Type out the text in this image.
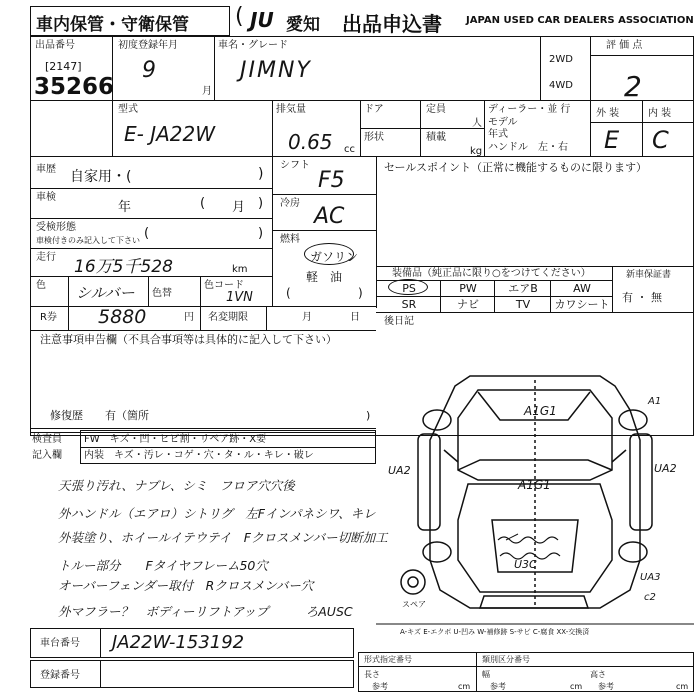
車内保管・守衛保管 ( JU 愛知 出品申込書 JAPAN USED CAR DEALERS ASSOCIATION
出品番号
[2147]
35266
初度登録年月
9
月
車名・グレード
JIMNY	2WD
4WD
評 価 点
2
型式
E- JA22W
排気量
0.65 cc
ドア
形状
定員
人
積載
kg
ディーラー・並 行
モデル
年式
ハンドル　左・右
外 装	内 装
E C
車歴 自家用・(	)
車検
年	( 月 )
受検形態
車検付きのみ記入して下さい (	)
走行 16万5千528	km
色 シルバー 色替
色コード
1VN
シフト
F5
冷房
AC
燃料
ガソリン
軽　油
(	)
R券 5880	円 名変期限	月	日
注意事項申告欄（不具合事項等は具体的に記入して下さい）
修復歴　　有（箇所	)
セールスポイント（正常に機能するものに限ります）
装備品（純正品に限り○をつけてください）	新車保証書
有 ・ 無
後日記
PS	PW	エアB	AW
SR	ナビ	TV	カワシート
検査員
記入欄
FW　キズ・凹・ヒビ割・リペア跡・X要
内装　キズ・汚レ・コゲ・穴・タ・ル・キレ・破レ
天張り汚れ、ナブレ、シミ　フロア穴穴後
外ハンドル（エアロ）シトリグ　左Fインパネシワ、キレ
外装塗り、ホイールイテウテイ　Fクロスメンバー切断加工
トルー部分　　Fタイヤフレーム50穴
オーバーフェンダー取付　Rクロスメンバー穴
外マフラー？　ボディーリフトアップ　　　ろAUSC
A1G1
A1G1
UA2	UA2
U3C
UA3
c2
A1
スペア
A-キズ E-エクボ U-凹み W-補修跡 S-サビ C-腐食 XX-交換済
車台番号 JA22W-153192
登録番号
形式指定番号	類別区分番号
長さ	幅	高さ
参考	参考	参考
cm	cm	cm
